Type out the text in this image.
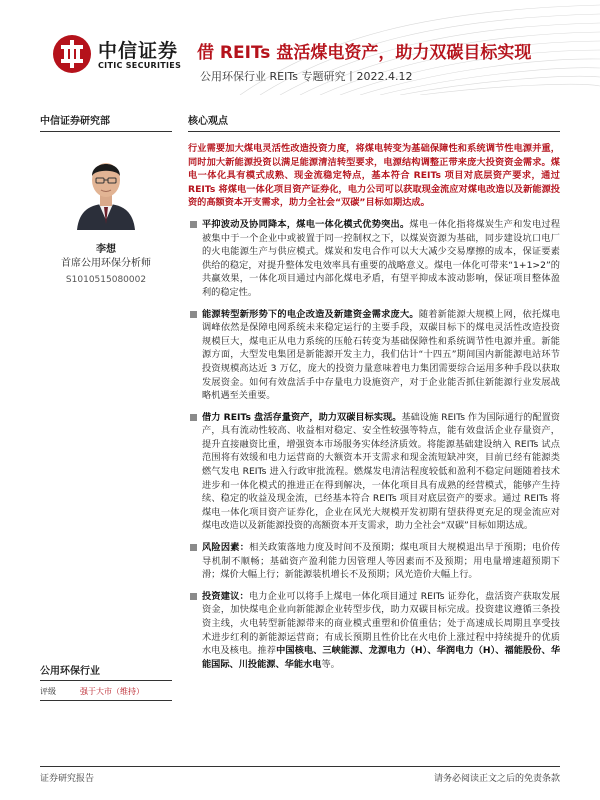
中信证券
CITIC SECURITIES
借 REITs 盘活煤电资产，助力双碳目标实现
公用环保行业 REITs 专题研究丨2022.4.12
中信证券研究部
李想
首席公用环保分析师
S1010515080002
公用环保行业
评级	强于大市（维持）
核心观点
行业需要加大煤电灵活性改造投资力度，将煤电转变为基础保障性和系统调节性电源并重，同时加大新能源投资以满足能源清洁转型要求，电源结构调整正带来庞大投资资金需求。煤电一体化具有模式成熟、现金流稳定特点，基本符合 REITs 项目对底层资产要求，通过 REITs 将煤电一体化项目资产证券化，电力公司可以获取现金流应对煤电改造以及新能源投资的高额资本开支需求，助力全社会“双碳”目标如期达成。
平抑波动及协同降本，煤电一体化模式优势突出。煤电一体化指将煤炭生产和发电过程被集中于一个企业中或被置于同一控制权之下，以煤炭资源为基础，同步建设坑口电厂的火电能源生产与供应模式。煤炭和发电合作可以大大减少交易摩擦的成本，保证要素供给的稳定，对提升整体发电效率具有重要的战略意义。煤电一体化可带来“1+1>2”的共赢效果，一体化项目通过内部化煤电矛盾，有望平抑成本波动影响，保证项目整体盈利的稳定性。
能源转型新形势下的电企改造及新建资金需求庞大。随着新能源大规模上网，依托煤电调峰依然是保障电网系统未来稳定运行的主要手段，双碳目标下的煤电灵活性改造投资规模巨大，煤电正从电力系统的压舱石转变为基础保障性和系统调节性电源并重。新能源方面，大型发电集团是新能源开发主力，我们估计“十四五”期间国内新能源电站环节投资规模高达近 3 万亿，庞大的投资力量意味着电力集团需要综合运用多种手段以获取发展资金。如何有效盘活手中存量电力设施资产，对于企业能否抓住新能源行业发展战略机遇至关重要。
借力 REITs 盘活存量资产，助力双碳目标实现。基础设施 REITs 作为国际通行的配置资产，具有流动性较高、收益相对稳定、安全性较强等特点，能有效盘活企业存量资产，提升直接融资比重，增强资本市场服务实体经济质效。将能源基础建设纳入 REITs 试点范围将有效缓和电力运营商的大额资本开支需求和现金流短缺冲突，目前已经有能源类燃气发电 REITs 进入行政审批流程。燃煤发电清洁程度较低和盈利不稳定问题随着技术进步和一体化模式的推进正在得到解决，一体化项目具有成熟的经营模式，能够产生持续、稳定的收益及现金流，已经基本符合 REITs 项目对底层资产的要求。通过 REITs 将煤电一体化项目资产证券化，企业在风光大规模开发初期有望获得更充足的现金流应对煤电改造以及新能源投资的高额资本开支需求，助力全社会“双碳”目标如期达成。
风险因素：相关政策落地力度及时间不及预期；煤电项目大规模退出早于预期；电价传导机制不顺畅；基础资产盈利能力因管理人等因素而不及预期；用电量增速超预期下滑；煤价大幅上行；新能源装机增长不及预期；风光造价大幅上行。
投资建议：电力企业可以将手上煤电一体化项目通过 REITs 证券化，盘活资产获取发展资金，加快煤电企业向新能源企业转型步伐，助力双碳目标完成。投资建议遵循三条投资主线，火电转型新能源带来的商业模式重塑和价值重估；处于高速成长周期且享受技术进步红利的新能源运营商；有成长预期且性价比在火电价上涨过程中持续提升的优质水电及核电。推荐中国核电、三峡能源、龙源电力（H）、华润电力（H）、福能股份、华能国际、川投能源、华能水电等。
证券研究报告	请务必阅读正文之后的免责条款
